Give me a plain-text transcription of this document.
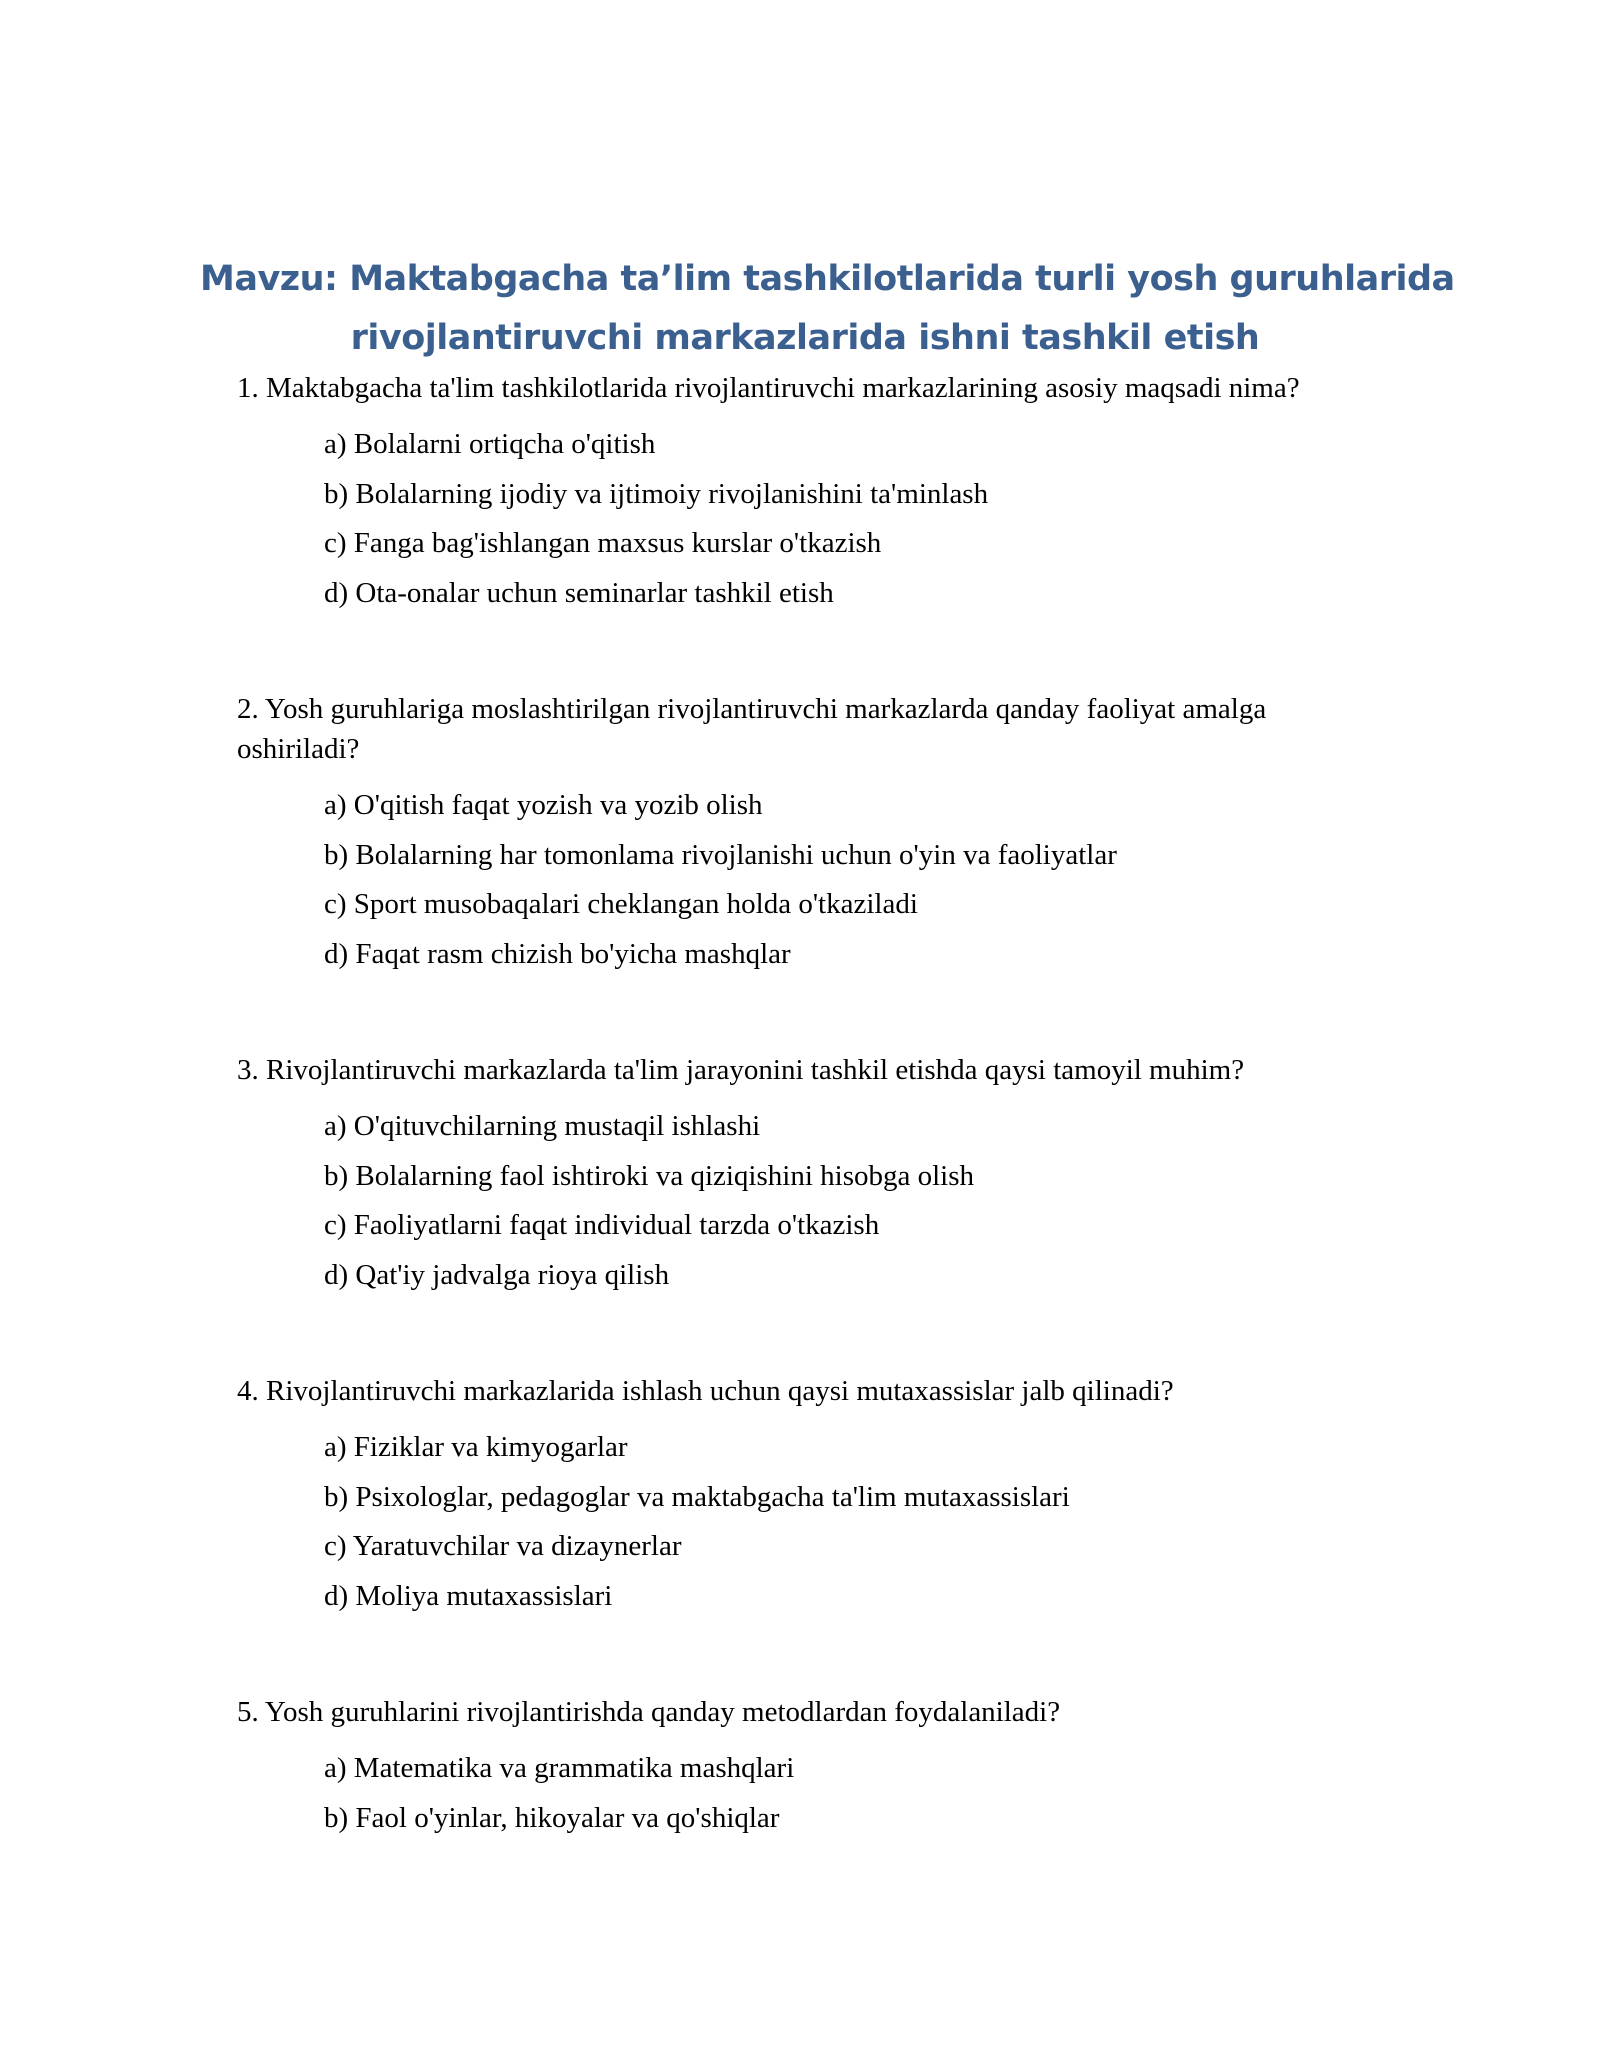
Mavzu: Maktabgacha ta’lim tashkilotlarida turli yosh guruhlarida
rivojlantiruvchi markazlarida ishni tashkil etish

1. Maktabgacha ta'lim tashkilotlarida rivojlantiruvchi markazlarining asosiy maqsadi nima?

a) Bolalarni ortiqcha o'qitish
b) Bolalarning ijodiy va ijtimoiy rivojlanishini ta'minlash
c) Fanga bag'ishlangan maxsus kurslar o'tkazish
d) Ota-onalar uchun seminarlar tashkil etish

2. Yosh guruhlariga moslashtirilgan rivojlantiruvchi markazlarda qanday faoliyat amalga oshiriladi?

a) O'qitish faqat yozish va yozib olish
b) Bolalarning har tomonlama rivojlanishi uchun o'yin va faoliyatlar
c) Sport musobaqalari cheklangan holda o'tkaziladi
d) Faqat rasm chizish bo'yicha mashqlar

3. Rivojlantiruvchi markazlarda ta'lim jarayonini tashkil etishda qaysi tamoyil muhim?

a) O'qituvchilarning mustaqil ishlashi
b) Bolalarning faol ishtiroki va qiziqishini hisobga olish
c) Faoliyatlarni faqat individual tarzda o'tkazish
d) Qat'iy jadvalga rioya qilish

4. Rivojlantiruvchi markazlarida ishlash uchun qaysi mutaxassislar jalb qilinadi?

a) Fiziklar va kimyogarlar
b) Psixologlar, pedagoglar va maktabgacha ta'lim mutaxassislari
c) Yaratuvchilar va dizaynerlar
d) Moliya mutaxassislari

5. Yosh guruhlarini rivojlantirishda qanday metodlardan foydalaniladi?

a) Matematika va grammatika mashqlari
b) Faol o'yinlar, hikoyalar va qo'shiqlar
